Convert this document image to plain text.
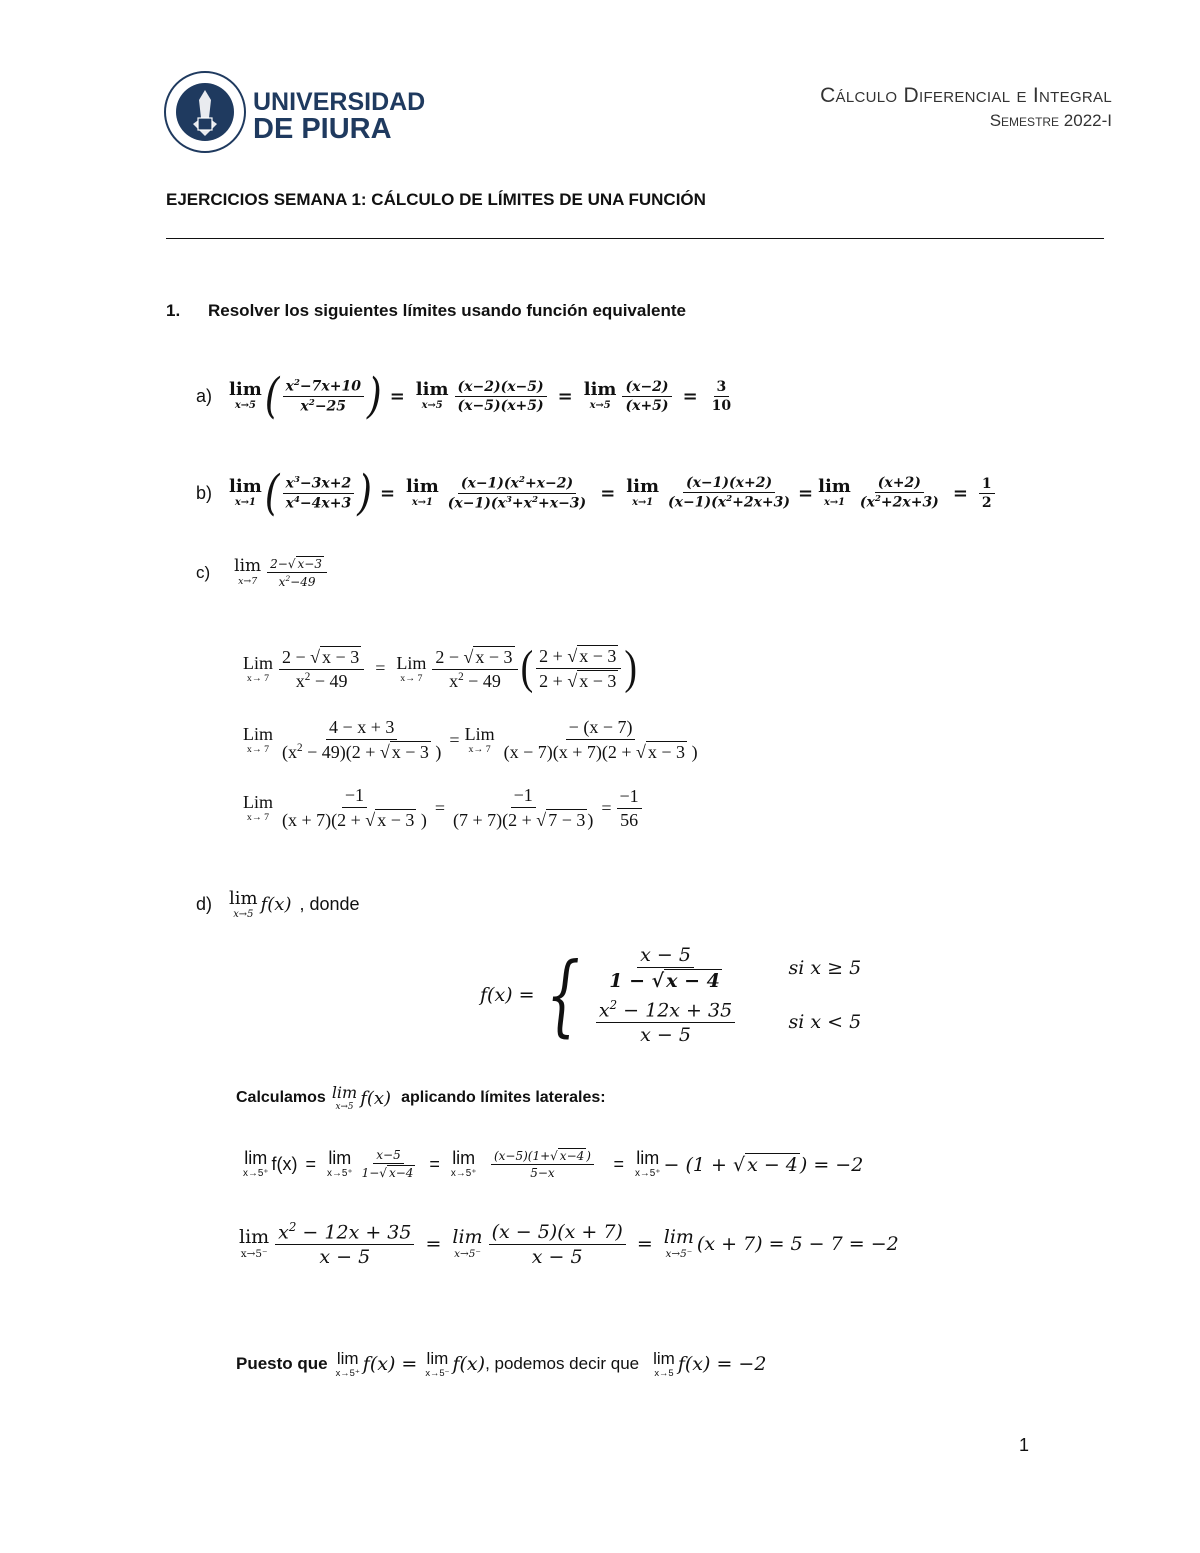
UNIVERSIDAD
DE PIURA
Cálculo Diferencial e Integral
Semestre 2022-I
EJERCICIOS SEMANA 1: CÁLCULO DE LÍMITES DE UNA FUNCIÓN
1. Resolver los siguientes límites usando función equivalente
a) lim
x→5 ( $\frac{x^2-7x+10}{x^2-25}$ ) = lim
$x\to 5 \frac{(x-2)(x-5)}{(x-5)(x+5)} = \lim$
$x\to 5 \frac{(x-2)}{(x+5)} = \frac{3}{10}$
b) lim
x→1 ( $\frac{x^3-3x+2}{x^4-4x+3}$ ) = lim
$x\to 1 \frac{(x-1)(x^2+x-2)}{(x-1)(x^3+x^2+x-3)} = \lim$
$x\to 1 \frac{(x-1)(x+2)}{(x-1)(x^2+2x+3)} = \lim$
$x\to 1 \frac{(x+2)}{(x^2+2x+3)} = \frac{1}{2}$
c) lim
$x\to 7 \frac{2- √ x-3}{x^2-49}$
Lim
$x\to 7 \frac{2 - √ x - 3}{x^2 - 49}$ = Lim
$x\to 7 \frac{2 - √ x - 3}{x^2 - 49}$ ( $\frac{2 + √ x - 3}{2 + √ x - 3}$ )
Lim
$x\to 7 \frac{4 - x + 3}{(x^2 - 49)(2 + √ x - 3 )}$ = Lim
$x\to 7 \frac{- (x - 7)}{(x - 7)(x + 7)(2 + √ x - 3 )}$
Lim
$x\to 7 \frac{-1}{(x + 7)(2 + √ x - 3 )} = \frac{-1}{(7 + 7)(2 + √ 7 - 3 )} = \frac{-1}{56}$
d) lim
x→5 f(x) , donde
f(x) = { $\frac{x - 5}{1 - √ x - 4}$	si x ≥ 5
$\frac{x^2 - 12x + 35}{x - 5}$	si x < 5
Calculamos lim
x→5 f(x) aplicando límites laterales:
lim
x→5⁺
f(x) = lim
$x\to 5^+ \frac{x-5}{1- √ x-4} = \lim$
$x\to 5^+ \frac{(x-5)(1+ √ x-4 )}{5-x} = \lim$
x→5⁺ − (1 + √ x − 4 ) = −2
lim
$x\to 5^- \frac{x^2 - 12x + 35}{x - 5} = \lim$
$x\to 5^- \frac{(x - 5)(x + 7)}{x - 5} = \lim$
x→5⁻ (x + 7) = 5 − 7 = −2
Puesto que lim
x→5⁺ f(x) = lim
x→5⁻ f(x) , podemos decir que lim
x→5 f(x) = −2
1
